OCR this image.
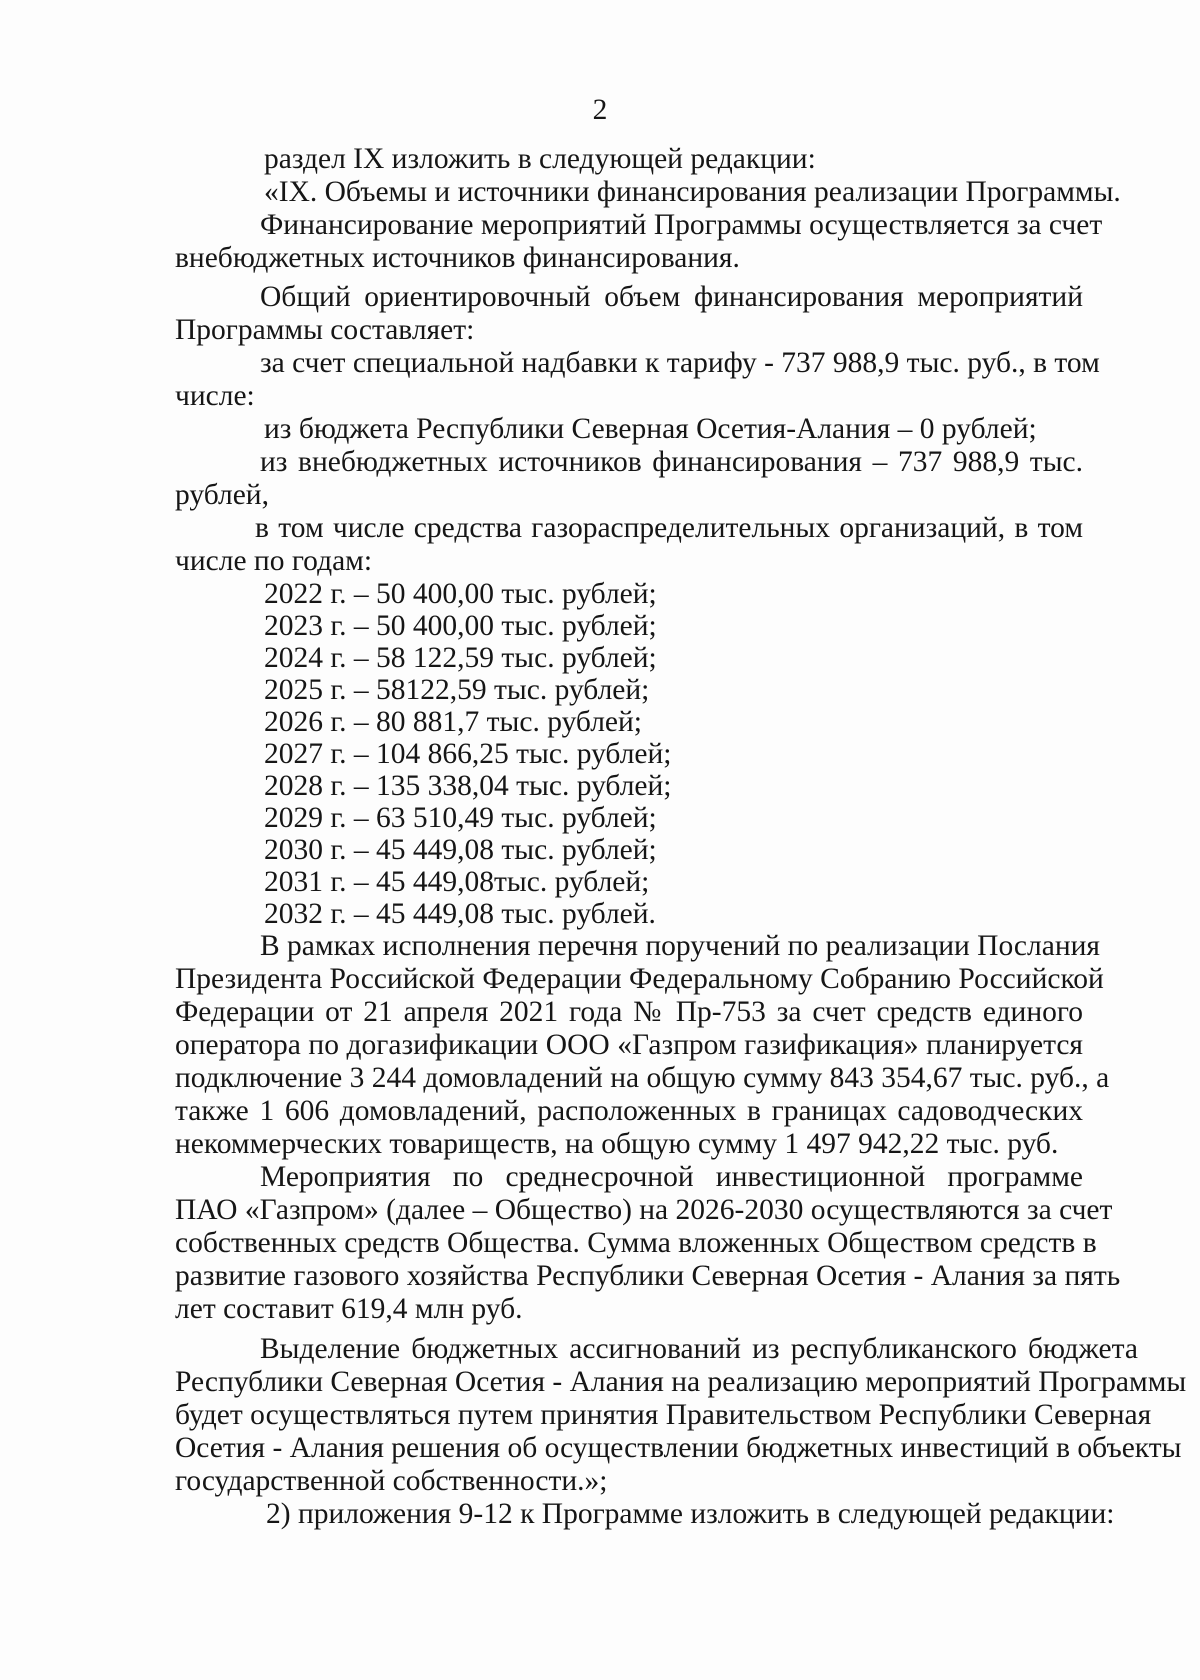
2
раздел IX изложить в следующей редакции:
«IX. Объемы и источники финансирования реализации Программы.
Финансирование мероприятий Программы осуществляется за счет
внебюджетных источников финансирования.
Общий ориентировочный объем финансирования мероприятий
Программы составляет:
за счет специальной надбавки к тарифу - 737 988,9 тыс. руб., в том
числе:
из бюджета Республики Северная Осетия-Алания – 0 рублей;
из внебюджетных источников финансирования – 737 988,9 тыс.
рублей,
в том числе средства газораспределительных организаций, в том
числе по годам:
2022 г. – 50 400,00 тыс. рублей;
2023 г. – 50 400,00 тыс. рублей;
2024 г. – 58 122,59 тыс. рублей;
2025 г. – 58122,59 тыс. рублей;
2026 г. – 80 881,7 тыс. рублей;
2027 г. – 104 866,25 тыс. рублей;
2028 г. – 135 338,04 тыс. рублей;
2029 г. – 63 510,49 тыс. рублей;
2030 г. – 45 449,08 тыс. рублей;
2031 г. – 45 449,08тыс. рублей;
2032 г. – 45 449,08 тыс. рублей.
В рамках исполнения перечня поручений по реализации Послания
Президента Российской Федерации Федеральному Собранию Российской
Федерации от 21 апреля 2021 года № Пр-753 за счет средств единого
оператора по догазификации ООО «Газпром газификация» планируется
подключение 3 244 домовладений на общую сумму 843 354,67 тыс. руб., а
также 1 606 домовладений, расположенных в границах садоводческих
некоммерческих товариществ, на общую сумму 1 497 942,22 тыс. руб.
Мероприятия по среднесрочной инвестиционной программе
ПАО «Газпром» (далее – Общество) на 2026-2030 осуществляются за счет
собственных средств Общества. Сумма вложенных Обществом средств в
развитие газового хозяйства Республики Северная Осетия - Алания за пять
лет составит 619,4 млн руб.
Выделение бюджетных ассигнований из республиканского бюджета
Республики Северная Осетия - Алания на реализацию мероприятий Программы
будет осуществляться путем принятия Правительством Республики Северная
Осетия - Алания решения об осуществлении бюджетных инвестиций в объекты
государственной собственности.»;
2) приложения 9-12 к Программе изложить в следующей редакции:
